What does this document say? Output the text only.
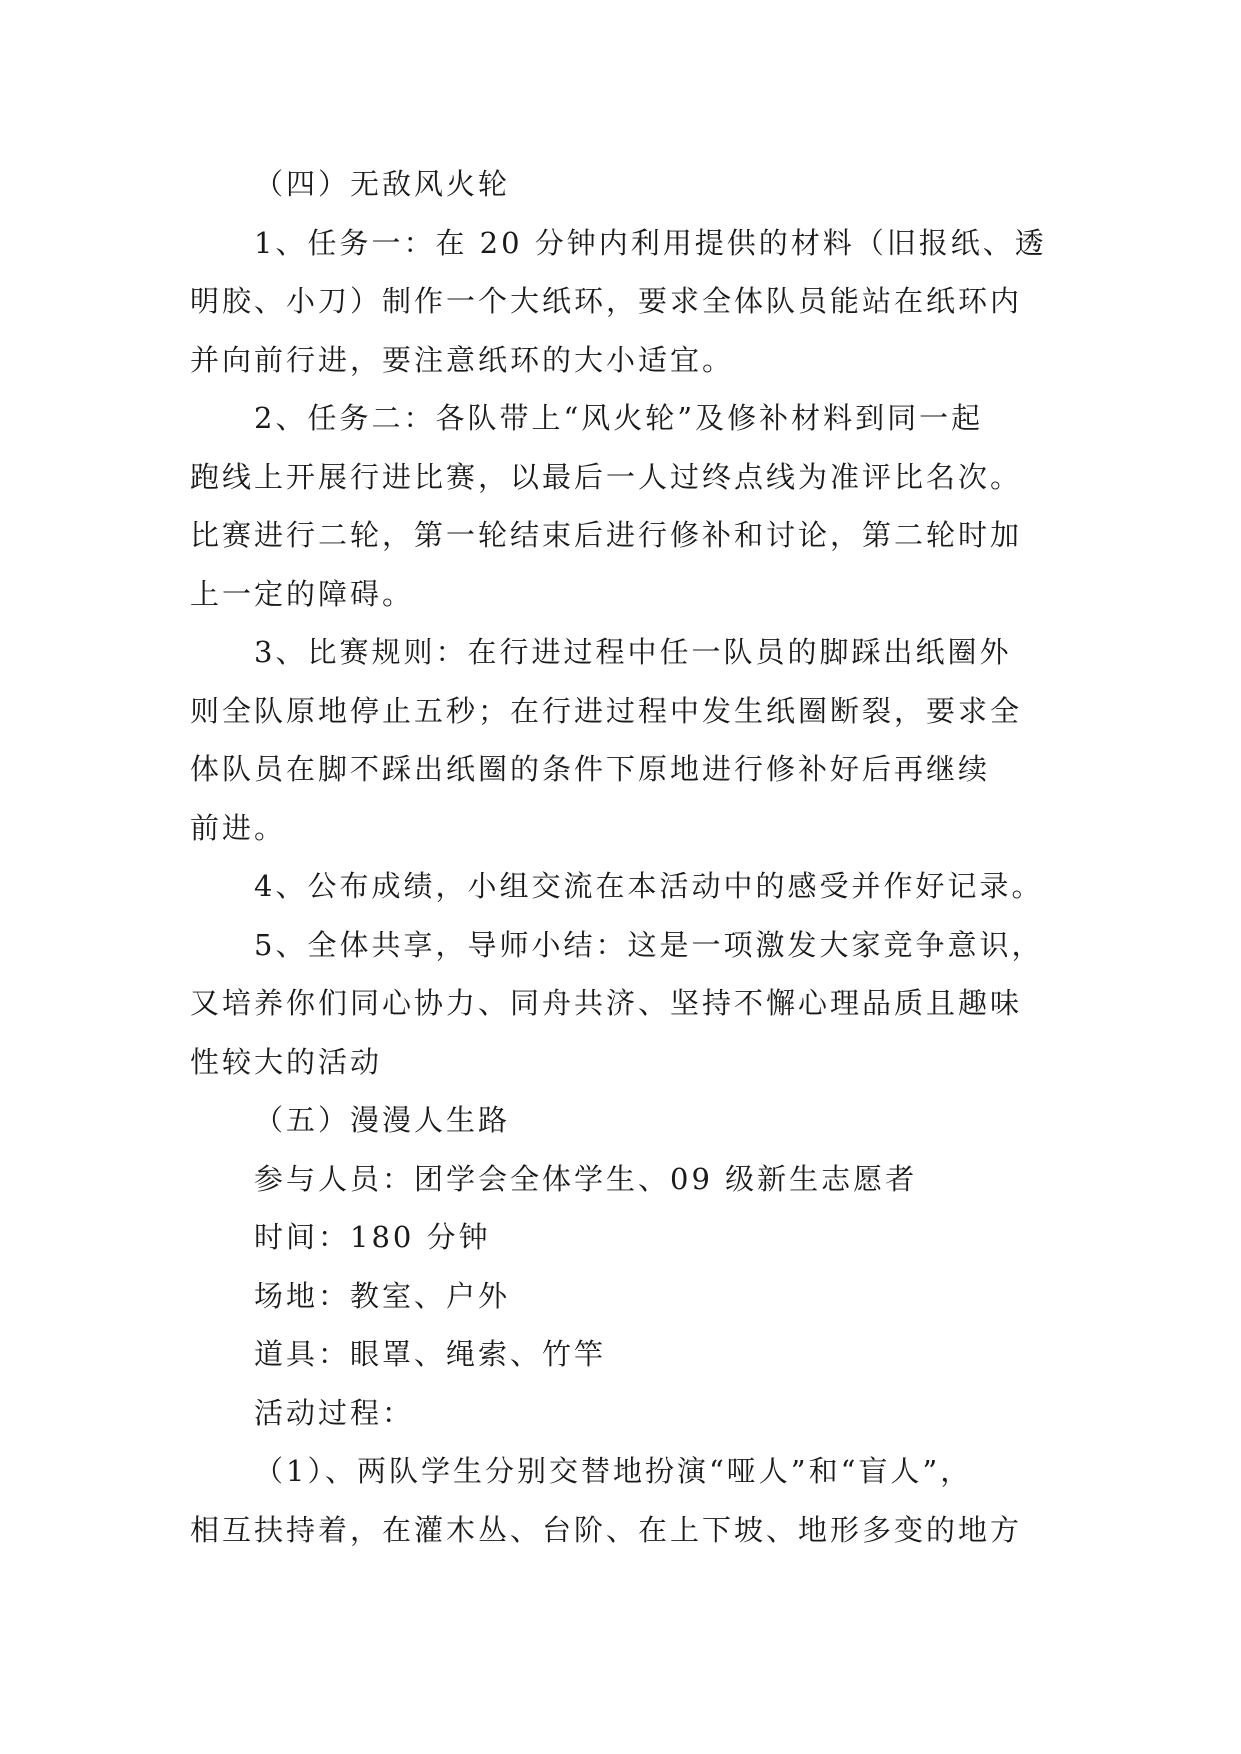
（四）无敌风火轮
1、任务一：在 20 分钟内利用提供的材料（旧报纸、透
明胶、小刀）制作一个大纸环，要求全体队员能站在纸环内
并向前行进，要注意纸环的大小适宜。
2、任务二：各队带上“风火轮”及修补材料到同一起
跑线上开展行进比赛，以最后一人过终点线为准评比名次。
比赛进行二轮，第一轮结束后进行修补和讨论，第二轮时加
上一定的障碍。
3、比赛规则：在行进过程中任一队员的脚踩出纸圈外
则全队原地停止五秒；在行进过程中发生纸圈断裂，要求全
体队员在脚不踩出纸圈的条件下原地进行修补好后再继续
前进。
4、公布成绩，小组交流在本活动中的感受并作好记录。
5、全体共享，导师小结：这是一项激发大家竞争意识，
又培养你们同心协力、同舟共济、坚持不懈心理品质且趣味
性较大的活动
（五）漫漫人生路
参与人员：团学会全体学生、09 级新生志愿者
时间：180 分钟
场地：教室、户外
道具：眼罩、绳索、竹竿
活动过程：
（1）、两队学生分别交替地扮演“哑人”和“盲人”，
相互扶持着，在灌木丛、台阶、在上下坡、地形多变的地方
